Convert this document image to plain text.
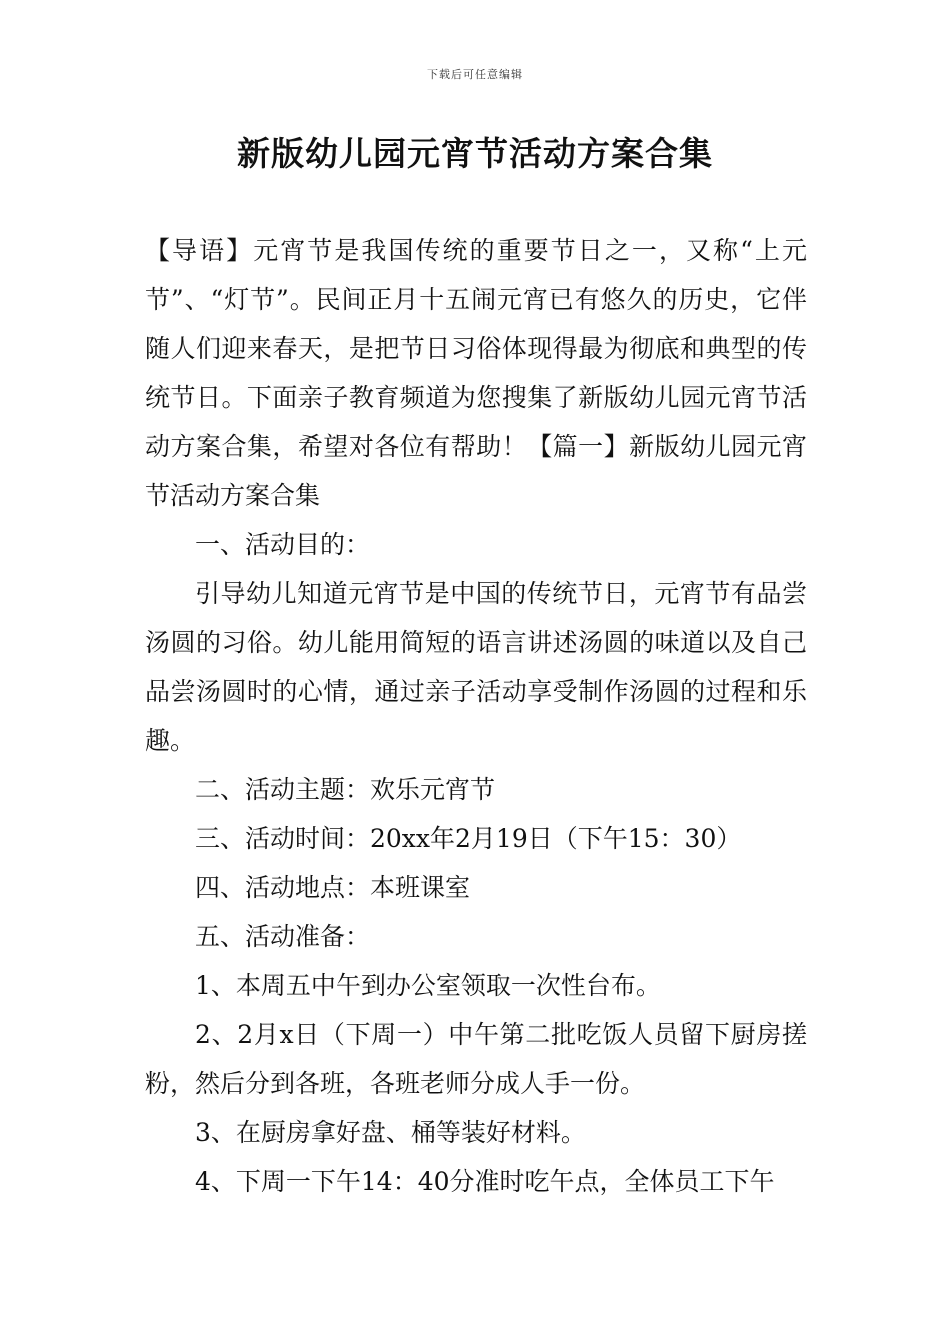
下载后可任意编辑
新版幼儿园元宵节活动方案合集

【导语】元宵节是我国传统的重要节日之一，又称“上元节”、“灯节”。民间正月十五闹元宵已有悠久的历史，它伴随人们迎来春天，是把节日习俗体现得最为彻底和典型的传统节日。下面亲子教育频道为您搜集了新版幼儿园元宵节活动方案合集，希望对各位有帮助！【篇一】新版幼儿园元宵节活动方案合集

一、活动目的：

引导幼儿知道元宵节是中国的传统节日，元宵节有品尝汤圆的习俗。幼儿能用简短的语言讲述汤圆的味道以及自己品尝汤圆时的心情，通过亲子活动享受制作汤圆的过程和乐趣。

二、活动主题：欢乐元宵节

三、活动时间：20xx年2月19日（下午15：30）

四、活动地点：本班课室

五、活动准备：

1、本周五中午到办公室领取一次性台布。

2、2月x日（下周一）中午第二批吃饭人员留下厨房搓粉，然后分到各班，各班老师分成人手一份。

3、在厨房拿好盘、桶等装好材料。

4、下周一下午14：40分准时吃午点，全体员工下午
